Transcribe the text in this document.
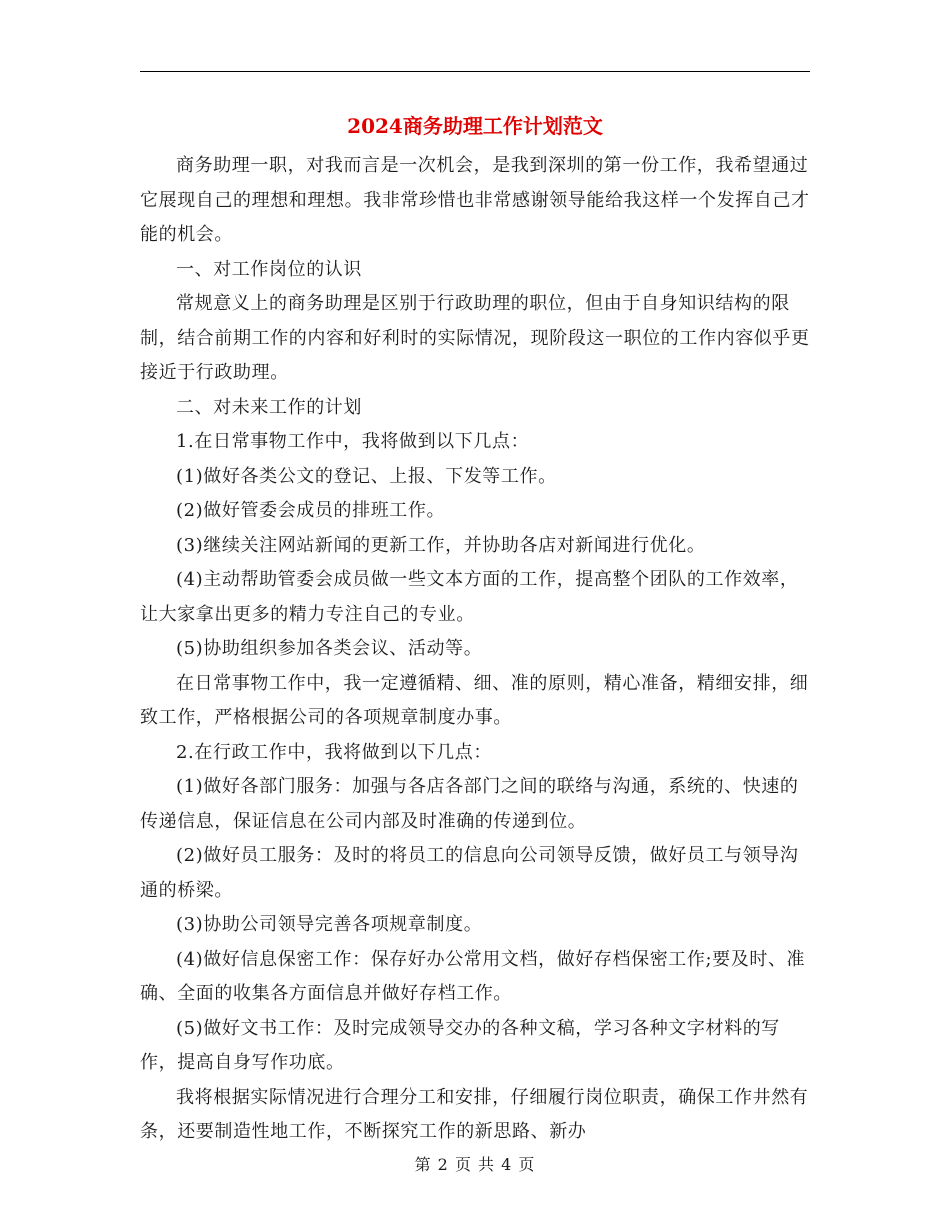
2024商务助理工作计划范文

商务助理一职，对我而言是一次机会，是我到深圳的第一份工作，我希望通过它展现自己的理想和理想。我非常珍惜也非常感谢领导能给我这样一个发挥自己才能的机会。

一、对工作岗位的认识

常规意义上的商务助理是区别于行政助理的职位，但由于自身知识结构的限制，结合前期工作的内容和好利时的实际情况，现阶段这一职位的工作内容似乎更接近于行政助理。

二、对未来工作的计划

1.在日常事物工作中，我将做到以下几点：

(1)做好各类公文的登记、上报、下发等工作。

(2)做好管委会成员的排班工作。

(3)继续关注网站新闻的更新工作，并协助各店对新闻进行优化。

(4)主动帮助管委会成员做一些文本方面的工作，提高整个团队的工作效率，让大家拿出更多的精力专注自己的专业。

(5)协助组织参加各类会议、活动等。

在日常事物工作中，我一定遵循精、细、准的原则，精心准备，精细安排，细致工作，严格根据公司的各项规章制度办事。

2.在行政工作中，我将做到以下几点：

(1)做好各部门服务：加强与各店各部门之间的联络与沟通，系统的、快速的传递信息，保证信息在公司内部及时准确的传递到位。

(2)做好员工服务：及时的将员工的信息向公司领导反馈，做好员工与领导沟通的桥梁。

(3)协助公司领导完善各项规章制度。

(4)做好信息保密工作：保存好办公常用文档，做好存档保密工作;要及时、准确、全面的收集各方面信息并做好存档工作。

(5)做好文书工作：及时完成领导交办的各种文稿，学习各种文字材料的写作，提高自身写作功底。

我将根据实际情况进行合理分工和安排，仔细履行岗位职责，确保工作井然有条，还要制造性地工作，不断探究工作的新思路、新办

第 2 页 共 4 页
